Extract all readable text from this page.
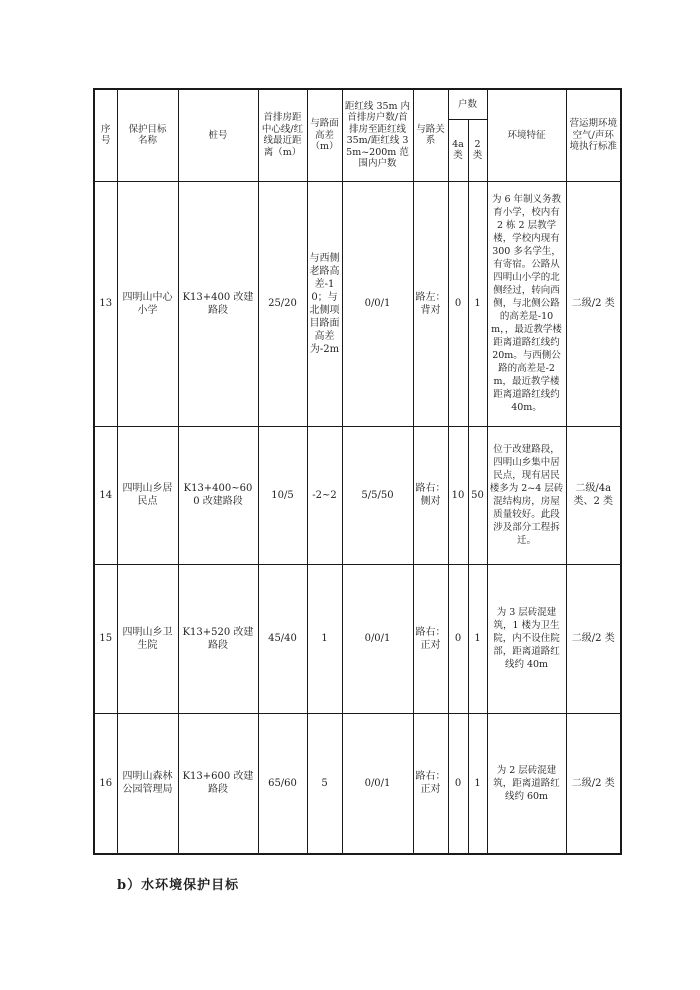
序号	保护目标名称	桩号	首排房距中心线/红线最近距离（m）	与路面高差（m）	距红线 35m 内首排房户数/首排房至距红线 35m/距红线 35m~200m 范围内户数	与路关系	户数		环境特征	营运期环境空气/声环境执行标准
							4a类	2 类		
13	四明山中心小学	K13+400 改建路段	25/20	与西侧老路高差-10；与北侧项目路面高差为-2m	0/0/1	路左：背对	0	1	为 6 年制义务教育小学，校内有 2 栋 2 层教学楼，学校内现有 300 多名学生，有寄宿。公路从四明山小学的北侧经过，转向西侧，与北侧公路的高差是-10m，，最近教学楼距离道路红线约 20m。与西侧公路的高差是-2m，最近教学楼距离道路红线约 40m。	二级/2 类
14	四明山乡居民点	K13+400~600 改建路段	10/5	-2~2	5/5/50	路右：侧对	10	50	位于改建路段，四明山乡集中居民点，现有居民楼多为 2~4 层砖混结构房，房屋质量较好。此段涉及部分工程拆迁。	二级/4a 类、2 类
15	四明山乡卫生院	K13+520 改建路段	45/40	1	0/0/1	路右：正对	0	1	为 3 层砖混建筑，1 楼为卫生院，内不设住院部，距离道路红线约 40m	二级/2 类
16	四明山森林公园管理局	K13+600 改建路段	65/60	5	0/0/1	路右：正对	0	1	为 2 层砖混建筑，距离道路红线约 60m	二级/2 类
b）水环境保护目标
